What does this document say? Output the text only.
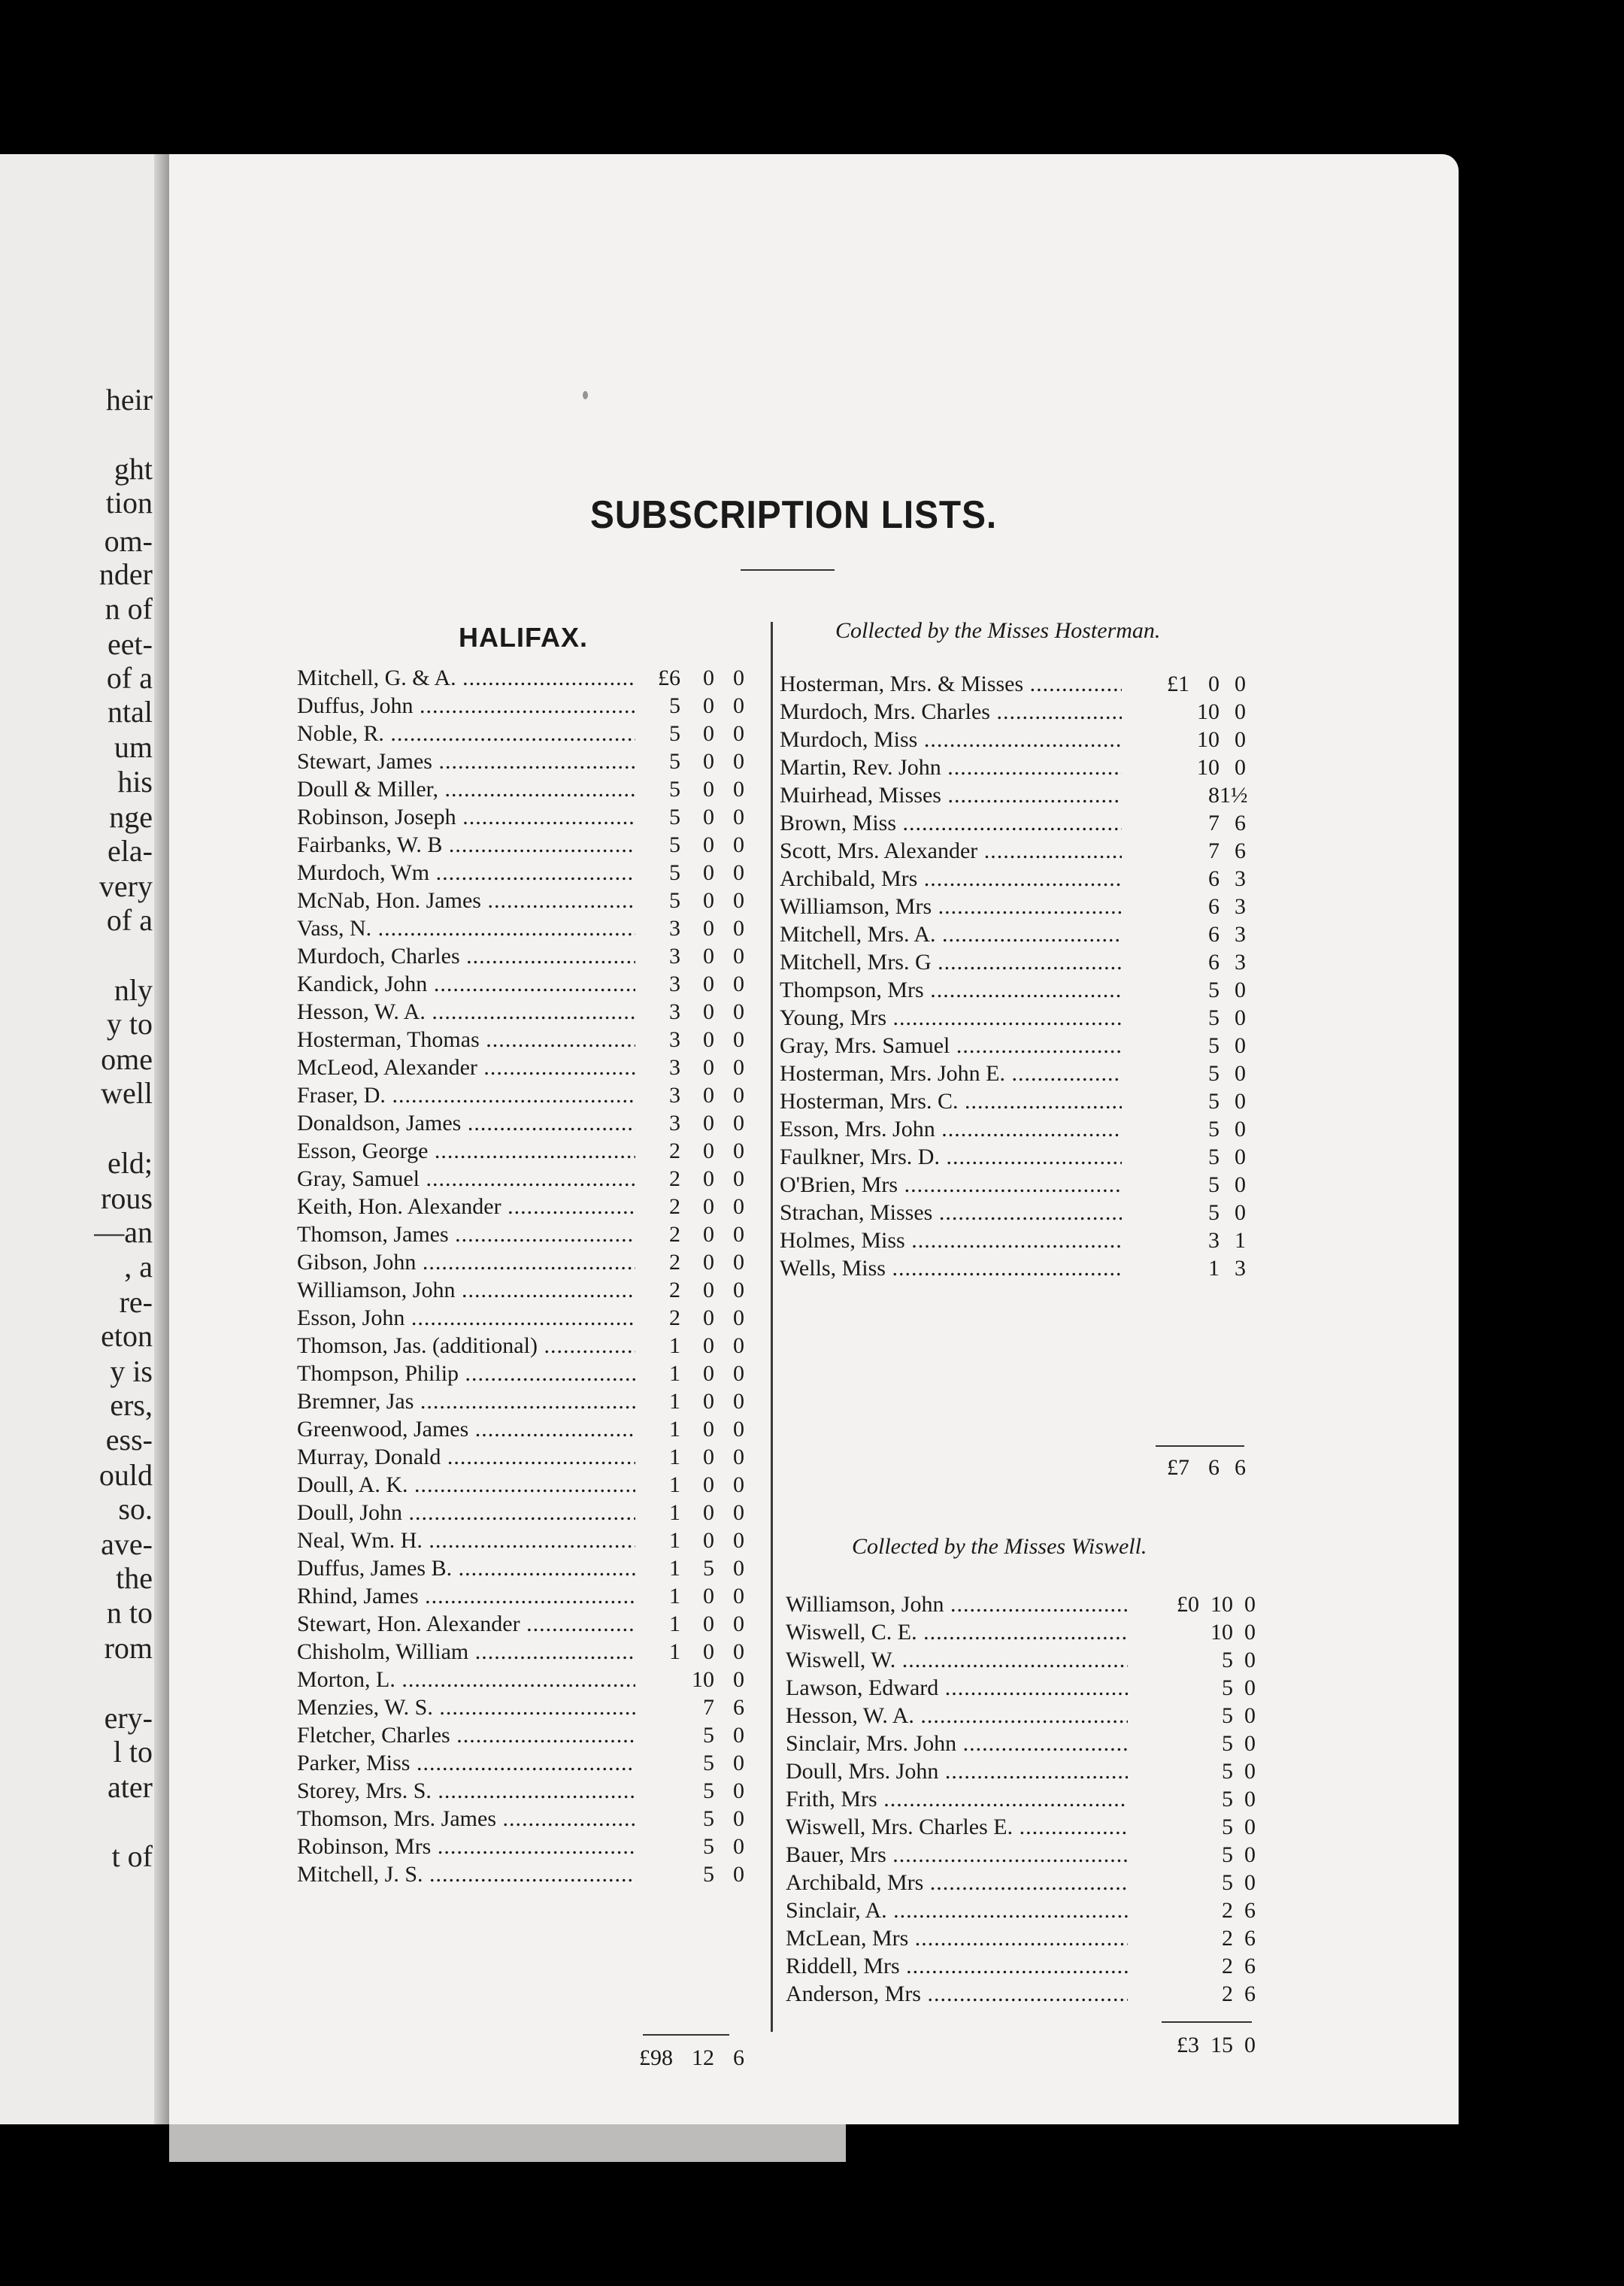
heir
ght
tion
om-
nder
n of
eet-
of a
ntal
um
his
nge
ela-
very
of a
nly
y to
ome
well
eld;
rous
—an
, a
re-
eton
y is
ers,
ess-
ould
so.
ave-
the
n to
rom
ery-
l to
ater
t of
SUBSCRIPTION LISTS.
HALIFAX.
Mitchell, G. & A. .....	£6	0 0
Duffus, John .....	5	0 0
Noble, R. .....	5	0 0
Stewart, James .....	5	0 0
Doull & Miller, .....	5	0 0
Robinson, Joseph .....	5	0 0
Fairbanks, W. B .....	5	0 0
Murdoch, Wm .....	5	0 0
McNab, Hon. James .....	5	0 0
Vass, N. .....	3	0 0
Murdoch, Charles .....	3	0 0
Kandick, John .....	3	0 0
Hesson, W. A. .....	3	0 0
Hosterman, Thomas .....	3	0 0
McLeod, Alexander .....	3	0 0
Fraser, D. .....	3	0 0
Donaldson, James .....	3	0 0
Esson, George .....	2	0 0
Gray, Samuel .....	2	0 0
Keith, Hon. Alexander .....	2	0 0
Thomson, James .....	2	0 0
Gibson, John .....	2	0 0
Williamson, John .....	2	0 0
Esson, John .....	2	0 0
Thomson, Jas. (additional) .....	1	0 0
Thompson, Philip .....	1	0 0
Bremner, Jas .....	1	0 0
Greenwood, James .....	1	0 0
Murray, Donald .....	1	0 0
Doull, A. K. .....	1	0 0
Doull, John .....	1	0 0
Neal, Wm. H. .....	1	0 0
Duffus, James B. .....	1	5 0
Rhind, James .....	1	0 0
Stewart, Hon. Alexander .....	1	0 0
Chisholm, William .....	1	0 0
Morton, L. .....	10 0
Menzies, W. S. .....	7 6
Fletcher, Charles .....	5 0
Parker, Miss .....	5 0
Storey, Mrs. S. .....	5 0
Thomson, Mrs. James .....	5 0
Robinson, Mrs .....	5 0
Mitchell, J. S. .....	5 0
£98 12 6
Collected by the Misses Hosterman.
Hosterman, Mrs. & Misses .....	£1 0 0
Murdoch, Mrs. Charles .....	10 0
Murdoch, Miss .....	10 0
Martin, Rev. John .....	10 0
Muirhead, Misses .....	8 1½
Brown, Miss .....	7 6
Scott, Mrs. Alexander .....	7 6
Archibald, Mrs .....	6 3
Williamson, Mrs .....	6 3
Mitchell, Mrs. A. .....	6 3
Mitchell, Mrs. G .....	6 3
Thompson, Mrs .....	5 0
Young, Mrs .....	5 0
Gray, Mrs. Samuel .....	5 0
Hosterman, Mrs. John E. .....	5 0
Hosterman, Mrs. C. .....	5 0
Esson, Mrs. John .....	5 0
Faulkner, Mrs. D. .....	5 0
O'Brien, Mrs .....	5 0
Strachan, Misses .....	5 0
Holmes, Miss .....	3 1
Wells, Miss .....	1 3
£7 6 6
Collected by the Misses Wiswell.
Williamson, John .....	£0 10 0
Wiswell, C. E. .....	10 0
Wiswell, W. .....	5 0
Lawson, Edward .....	5 0
Hesson, W. A. .....	5 0
Sinclair, Mrs. John .....	5 0
Doull, Mrs. John .....	5 0
Frith, Mrs .....	5 0
Wiswell, Mrs. Charles E. .....	5 0
Bauer, Mrs .....	5 0
Archibald, Mrs .....	5 0
Sinclair, A. .....	2 6
McLean, Mrs .....	2 6
Riddell, Mrs .....	2 6
Anderson, Mrs .....	2 6
£3 15 0
